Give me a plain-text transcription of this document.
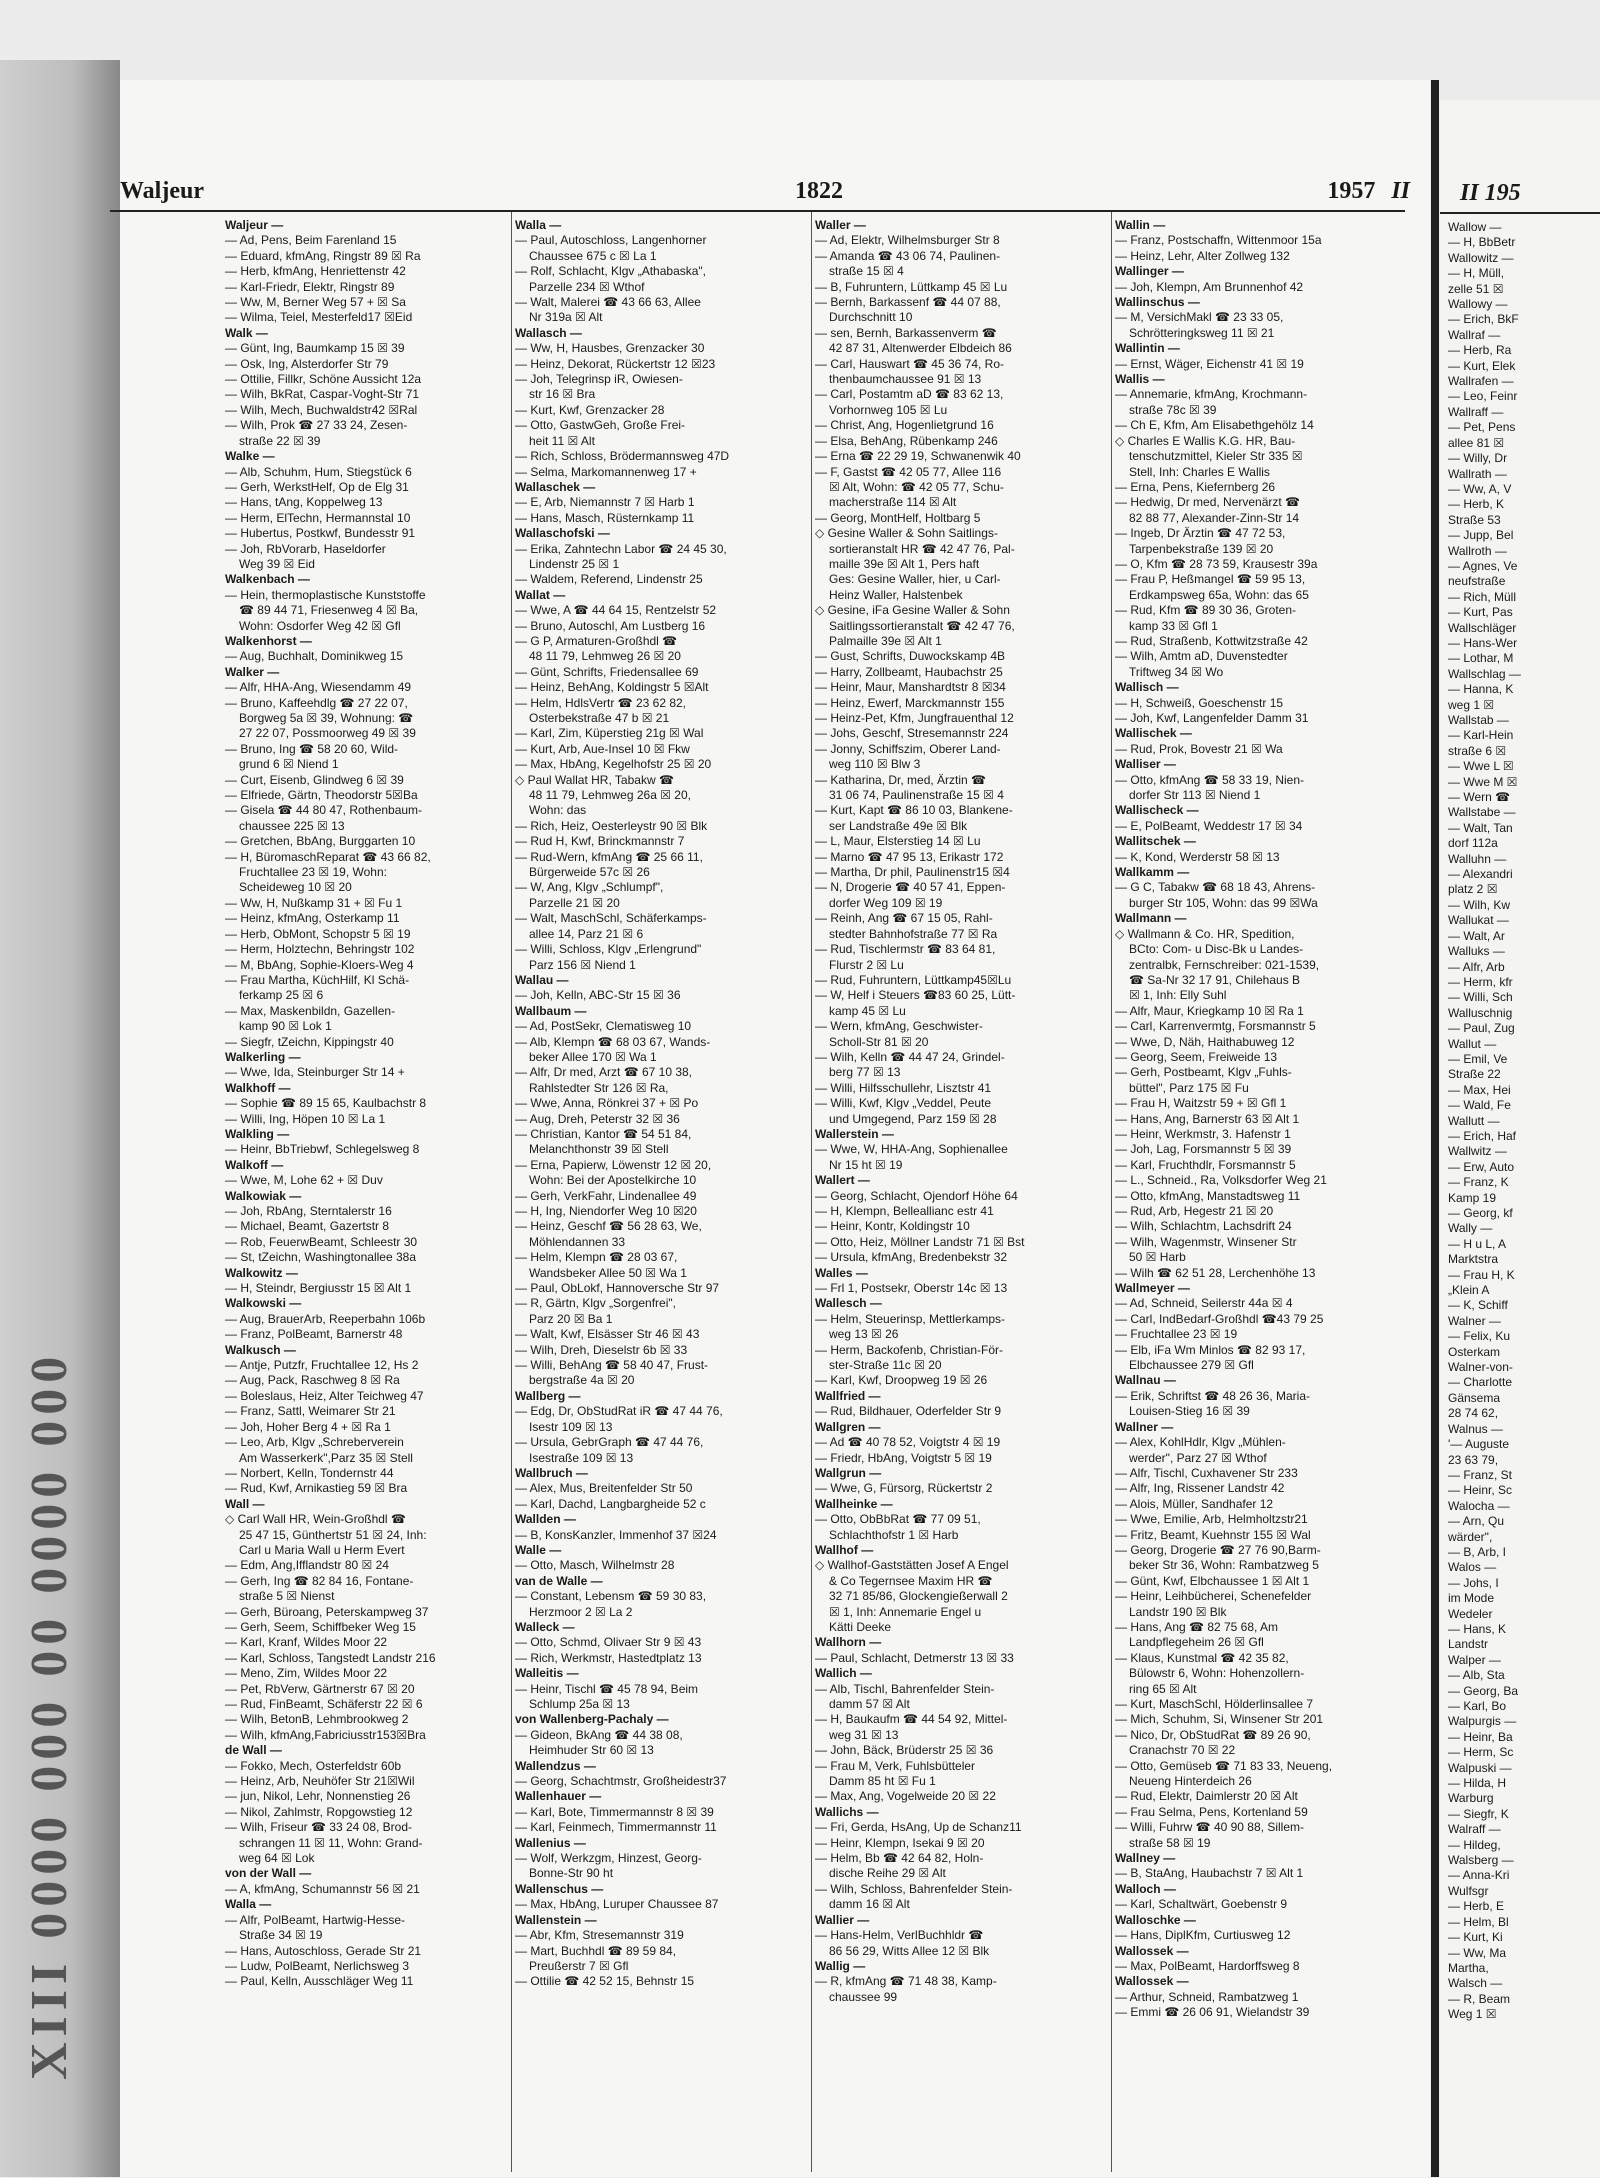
XIII 0000 000 00 0000 000
Waljeur	1822	1957 II
Waljeur —
— Ad, Pens, Beim Farenland 15
— Eduard, kfmAng, Ringstr 89 ☒ Ra
— Herb, kfmAng, Henriettenstr 42
— Karl-Friedr, Elektr, Ringstr 89
— Ww, M, Berner Weg 57 + ☒ Sa
— Wilma, Teiel, Mesterfeld17 ☒Eid
Walk —
— Günt, Ing, Baumkamp 15 ☒ 39
— Osk, Ing, Alsterdorfer Str 79
— Ottilie, Fillkr, Schöne Aussicht 12a
— Wilh, BkRat, Caspar-Voght-Str 71
— Wilh, Mech, Buchwaldstr42 ☒Ral
— Wilh, Prok ☎ 27 33 24, Zesen-
straße 22 ☒ 39
Walke —
— Alb, Schuhm, Hum, Stiegstück 6
— Gerh, WerkstHelf, Op de Elg 31
— Hans, tAng, Koppelweg 13
— Herm, ElTechn, Hermannstal 10
— Hubertus, Postkwf, Bundesstr 91
— Joh, RbVorarb, Haseldorfer
Weg 39 ☒ Eid
Walkenbach —
— Hein, thermoplastische Kunststoffe
☎ 89 44 71, Friesenweg 4 ☒ Ba,
Wohn: Osdorfer Weg 42 ☒ Gfl
Walkenhorst —
— Aug, Buchhalt, Dominikweg 15
Walker —
— Alfr, HHA-Ang, Wiesendamm 49
— Bruno, Kaffeehdlg ☎ 27 22 07,
Borgweg 5a ☒ 39, Wohnung: ☎
27 22 07, Possmoorweg 49 ☒ 39
— Bruno, Ing ☎ 58 20 60, Wild-
grund 6 ☒ Niend 1
— Curt, Eisenb, Glindweg 6 ☒ 39
— Elfriede, Gärtn, Theodorstr 5☒Ba
— Gisela ☎ 44 80 47, Rothenbaum-
chaussee 225 ☒ 13
— Gretchen, BbAng, Burggarten 10
— H, BüromaschReparat ☎ 43 66 82,
Fruchtallee 23 ☒ 19, Wohn:
Scheideweg 10 ☒ 20
— Ww, H, Nußkamp 31 + ☒ Fu 1
— Heinz, kfmAng, Osterkamp 11
— Herb, ObMont, Schopstr 5 ☒ 19
— Herm, Holztechn, Behringstr 102
— M, BbAng, Sophie-Kloers-Weg 4
— Frau Martha, KüchHilf, Kl Schä-
ferkamp 25 ☒ 6
— Max, Maskenbildn, Gazellen-
kamp 90 ☒ Lok 1
— Siegfr, tZeichn, Kippingstr 40
Walkerling —
— Wwe, Ida, Steinburger Str 14 +
Walkhoff —
— Sophie ☎ 89 15 65, Kaulbachstr 8
— Willi, Ing, Höpen 10 ☒ La 1
Walkling —
— Heinr, BbTriebwf, Schlegelsweg 8
Walkoff —
— Wwe, M, Lohe 62 + ☒ Duv
Walkowiak —
— Joh, RbAng, Sterntalerstr 16
— Michael, Beamt, Gazertstr 8
— Rob, FeuerwBeamt, Schleestr 30
— St, tZeichn, Washingtonallee 38a
Walkowitz —
— H, Steindr, Bergiusstr 15 ☒ Alt 1
Walkowski —
— Aug, BrauerArb, Reeperbahn 106b
— Franz, PolBeamt, Barnerstr 48
Walkusch —
— Antje, Putzfr, Fruchtallee 12, Hs 2
— Aug, Pack, Raschweg 8 ☒ Ra
— Boleslaus, Heiz, Alter Teichweg 47
— Franz, Sattl, Weimarer Str 21
— Joh, Hoher Berg 4 + ☒ Ra 1
— Leo, Arb, Klgv „Schreberverein
Am Wasserkerk",Parz 35 ☒ Stell
— Norbert, Kelln, Tondernstr 44
— Rud, Kwf, Arnikastieg 59 ☒ Bra
Wall —
◇ Carl Wall HR, Wein-Großhdl ☎
25 47 15, Günthertstr 51 ☒ 24, Inh:
Carl u Maria Wall u Herm Evert
— Edm, Ang,Ifflandstr 80 ☒ 24
— Gerh, Ing ☎ 82 84 16, Fontane-
straße 5 ☒ Nienst
— Gerh, Büroang, Peterskampweg 37
— Gerh, Seem, Schiffbeker Weg 15
— Karl, Kranf, Wildes Moor 22
— Karl, Schloss, Tangstedt Landstr 216
— Meno, Zim, Wildes Moor 22
— Pet, RbVerw, Gärtnerstr 67 ☒ 20
— Rud, FinBeamt, Schäferstr 22 ☒ 6
— Wilh, BetonB, Lehmbrookweg 2
— Wilh, kfmAng,Fabriciusstr153☒Bra
de Wall —
— Fokko, Mech, Osterfeldstr 60b
— Heinz, Arb, Neuhöfer Str 21☒Wil
— jun, Nikol, Lehr, Nonnenstieg 26
— Nikol, Zahlmstr, Ropgowstieg 12
— Wilh, Friseur ☎ 33 24 08, Brod-
schrangen 11 ☒ 11, Wohn: Grand-
weg 64 ☒ Lok
von der Wall —
— A, kfmAng, Schumannstr 56 ☒ 21
Walla —
— Alfr, PolBeamt, Hartwig-Hesse-
Straße 34 ☒ 19
— Hans, Autoschloss, Gerade Str 21
— Ludw, PolBeamt, Nerlichsweg 3
— Paul, Kelln, Ausschläger Weg 11
Walla —
— Paul, Autoschloss, Langenhorner
Chaussee 675 c ☒ La 1
— Rolf, Schlacht, Klgv „Athabaska",
Parzelle 234 ☒ Wthof
— Walt, Malerei ☎ 43 66 63, Allee
Nr 319a ☒ Alt
Wallasch —
— Ww, H, Hausbes, Grenzacker 30
— Heinz, Dekorat, Rückertstr 12 ☒23
— Joh, Telegrinsp iR, Owiesen-
str 16 ☒ Bra
— Kurt, Kwf, Grenzacker 28
— Otto, GastwGeh, Große Frei-
heit 11 ☒ Alt
— Rich, Schloss, Brödermannsweg 47D
— Selma, Markomannenweg 17 +
Wallaschek —
— E, Arb, Niemannstr 7 ☒ Harb 1
— Hans, Masch, Rüsternkamp 11
Wallaschofski —
— Erika, Zahntechn Labor ☎ 24 45 30,
Lindenstr 25 ☒ 1
— Waldem, Referend, Lindenstr 25
Wallat —
— Wwe, A ☎ 44 64 15, Rentzelstr 52
— Bruno, Autoschl, Am Lustberg 16
— G P, Armaturen-Großhdl ☎
48 11 79, Lehmweg 26 ☒ 20
— Günt, Schrifts, Friedensallee 69
— Heinz, BehAng, Koldingstr 5 ☒Alt
— Helm, HdlsVertr ☎ 23 62 82,
Osterbekstraße 47 b ☒ 21
— Karl, Zim, Küperstieg 21g ☒ Wal
— Kurt, Arb, Aue-Insel 10 ☒ Fkw
— Max, HbAng, Kegelhofstr 25 ☒ 20
◇ Paul Wallat HR, Tabakw ☎
48 11 79, Lehmweg 26a ☒ 20,
Wohn: das
— Rich, Heiz, Oesterleystr 90 ☒ Blk
— Rud H, Kwf, Brinckmannstr 7
— Rud-Wern, kfmAng ☎ 25 66 11,
Bürgerweide 57c ☒ 26
— W, Ang, Klgv „Schlumpf",
Parzelle 21 ☒ 20
— Walt, MaschSchl, Schäferkamps-
allee 14, Parz 21 ☒ 6
— Willi, Schloss, Klgv „Erlengrund"
Parz 156 ☒ Niend 1
Wallau —
— Joh, Kelln, ABC-Str 15 ☒ 36
Wallbaum —
— Ad, PostSekr, Clematisweg 10
— Alb, Klempn ☎ 68 03 67, Wands-
beker Allee 170 ☒ Wa 1
— Alfr, Dr med, Arzt ☎ 67 10 38,
Rahlstedter Str 126 ☒ Ra,
— Wwe, Anna, Rönkrei 37 + ☒ Po
— Aug, Dreh, Peterstr 32 ☒ 36
— Christian, Kantor ☎ 54 51 84,
Melanchthonstr 39 ☒ Stell
— Erna, Papierw, Löwenstr 12 ☒ 20,
Wohn: Bei der Apostelkirche 10
— Gerh, VerkFahr, Lindenallee 49
— H, Ing, Niendorfer Weg 10 ☒20
— Heinz, Geschf ☎ 56 28 63, We,
Möhlendannen 33
— Helm, Klempn ☎ 28 03 67,
Wandsbeker Allee 50 ☒ Wa 1
— Paul, ObLokf, Hannoversche Str 97
— R, Gärtn, Klgv „Sorgenfrei",
Parz 20 ☒ Ba 1
— Walt, Kwf, Elsässer Str 46 ☒ 43
— Wilh, Dreh, Dieselstr 6b ☒ 33
— Willi, BehAng ☎ 58 40 47, Frust-
bergstraße 4a ☒ 20
Wallberg —
— Edg, Dr, ObStudRat iR ☎ 47 44 76,
Isestr 109 ☒ 13
— Ursula, GebrGraph ☎ 47 44 76,
Isestraße 109 ☒ 13
Wallbruch —
— Alex, Mus, Breitenfelder Str 50
— Karl, Dachd, Langbargheide 52 c
Wallden —
— B, KonsKanzler, Immenhof 37 ☒24
Walle —
— Otto, Masch, Wilhelmstr 28
van de Walle —
— Constant, Lebensm ☎ 59 30 83,
Herzmoor 2 ☒ La 2
Walleck —
— Otto, Schmd, Olivaer Str 9 ☒ 43
— Rich, Werkmstr, Hastedtplatz 13
Walleitis —
— Heinr, Tischl ☎ 45 78 94, Beim
Schlump 25a ☒ 13
von Wallenberg-Pachaly —
— Gideon, BkAng ☎ 44 38 08,
Heimhuder Str 60 ☒ 13
Wallendzus —
— Georg, Schachtmstr, Großheidestr37
Wallenhauer —
— Karl, Bote, Timmermannstr 8 ☒ 39
— Karl, Feinmech, Timmermannstr 11
Wallenius —
— Wolf, Werkzgm, Hinzest, Georg-
Bonne-Str 90 ht
Wallenschus —
— Max, HbAng, Luruper Chaussee 87
Wallenstein —
— Abr, Kfm, Stresemannstr 319
— Mart, Buchhdl ☎ 89 59 84,
Preußerstr 7 ☒ Gfl
— Ottilie ☎ 42 52 15, Behnstr 15
Waller —
— Ad, Elektr, Wilhelmsburger Str 8
— Amanda ☎ 43 06 74, Paulinen-
straße 15 ☒ 4
— B, Fuhruntern, Lüttkamp 45 ☒ Lu
— Bernh, Barkassenf ☎ 44 07 88,
Durchschnitt 10
— sen, Bernh, Barkassenverm ☎
42 87 31, Altenwerder Elbdeich 86
— Carl, Hauswart ☎ 45 36 74, Ro-
thenbaumchaussee 91 ☒ 13
— Carl, Postamtm aD ☎ 83 62 13,
Vorhornweg 105 ☒ Lu
— Christ, Ang, Hogenlietgrund 16
— Elsa, BehAng, Rübenkamp 246
— Erna ☎ 22 29 19, Schwanenwik 40
— F, Gastst ☎ 42 05 77, Allee 116
☒ Alt, Wohn: ☎ 42 05 77, Schu-
macherstraße 114 ☒ Alt
— Georg, MontHelf, Holtbarg 5
◇ Gesine Waller & Sohn Saitlings-
sortieranstalt HR ☎ 42 47 76, Pal-
maille 39e ☒ Alt 1, Pers haft
Ges: Gesine Waller, hier, u Carl-
Heinz Waller, Halstenbek
◇ Gesine, iFa Gesine Waller & Sohn
Saitlingssortieranstalt ☎ 42 47 76,
Palmaille 39e ☒ Alt 1
— Gust, Schrifts, Duwockskamp 4B
— Harry, Zollbeamt, Haubachstr 25
— Heinr, Maur, Manshardtstr 8 ☒34
— Heinz, Ewerf, Marckmannstr 155
— Heinz-Pet, Kfm, Jungfrauenthal 12
— Johs, Geschf, Stresemannstr 224
— Jonny, Schiffszim, Oberer Land-
weg 110 ☒ Blw 3
— Katharina, Dr, med, Ärztin ☎
31 06 74, Paulinenstraße 15 ☒ 4
— Kurt, Kapt ☎ 86 10 03, Blankene-
ser Landstraße 49e ☒ Blk
— L, Maur, Elsterstieg 14 ☒ Lu
— Marno ☎ 47 95 13, Erikastr 172
— Martha, Dr phil, Paulinenstr15 ☒4
— N, Drogerie ☎ 40 57 41, Eppen-
dorfer Weg 109 ☒ 19
— Reinh, Ang ☎ 67 15 05, Rahl-
stedter Bahnhofstraße 77 ☒ Ra
— Rud, Tischlermstr ☎ 83 64 81,
Flurstr 2 ☒ Lu
— Rud, Fuhruntern, Lüttkamp45☒Lu
— W, Helf i Steuers ☎83 60 25, Lütt-
kamp 45 ☒ Lu
— Wern, kfmAng, Geschwister-
Scholl-Str 81 ☒ 20
— Wilh, Kelln ☎ 44 47 24, Grindel-
berg 77 ☒ 13
— Willi, Hilfsschullehr, Lisztstr 41
— Willi, Kwf, Klgv „Veddel, Peute
und Umgegend, Parz 159 ☒ 28
Wallerstein —
— Wwe, W, HHA-Ang, Sophienallee
Nr 15 ht ☒ 19
Wallert —
— Georg, Schlacht, Ojendorf Höhe 64
— H, Klempn, Belleallianc estr 41
— Heinr, Kontr, Koldingstr 10
— Otto, Heiz, Möllner Landstr 71 ☒ Bst
— Ursula, kfmAng, Bredenbekstr 32
Walles —
— Frl 1, Postsekr, Oberstr 14c ☒ 13
Wallesch —
— Helm, Steuerinsp, Mettlerkamps-
weg 13 ☒ 26
— Herm, Backofenb, Christian-För-
ster-Straße 11c ☒ 20
— Karl, Kwf, Droopweg 19 ☒ 26
Wallfried —
— Rud, Bildhauer, Oderfelder Str 9
Wallgren —
— Ad ☎ 40 78 52, Voigtstr 4 ☒ 19
— Friedr, HbAng, Voigtstr 5 ☒ 19
Wallgrun —
— Wwe, G, Fürsorg, Rückertstr 2
Wallheinke —
— Otto, ObBbRat ☎ 77 09 51,
Schlachthofstr 1 ☒ Harb
Wallhof —
◇ Wallhof-Gaststätten Josef A Engel
& Co Tegernsee Maxim HR ☎
32 71 85/86, Glockengießerwall 2
☒ 1, Inh: Annemarie Engel u
Kätti Deeke
Wallhorn —
— Paul, Schlacht, Detmerstr 13 ☒ 33
Wallich —
— Alb, Tischl, Bahrenfelder Stein-
damm 57 ☒ Alt
— H, Baukaufm ☎ 44 54 92, Mittel-
weg 31 ☒ 13
— John, Bäck, Brüderstr 25 ☒ 36
— Frau M, Verk, Fuhlsbütteler
Damm 85 ht ☒ Fu 1
— Max, Ang, Vogelweide 20 ☒ 22
Wallichs —
— Fri, Gerda, HsAng, Up de Schanz11
— Heinr, Klempn, Isekai 9 ☒ 20
— Helm, Bb ☎ 42 64 82, Holn-
dische Reihe 29 ☒ Alt
— Wilh, Schloss, Bahrenfelder Stein-
damm 16 ☒ Alt
Wallier —
— Hans-Helm, VerlBuchhldr ☎
86 56 29, Witts Allee 12 ☒ Blk
Wallig —
— R, kfmAng ☎ 71 48 38, Kamp-
chaussee 99
Wallin —
— Franz, Postschaffn, Wittenmoor 15a
— Heinz, Lehr, Alter Zollweg 132
Wallinger —
— Joh, Klempn, Am Brunnenhof 42
Wallinschus —
— M, VersichMakl ☎ 23 33 05,
Schrötteringksweg 11 ☒ 21
Wallintin —
— Ernst, Wäger, Eichenstr 41 ☒ 19
Wallis —
— Annemarie, kfmAng, Krochmann-
straße 78c ☒ 39
— Ch E, Kfm, Am Elisabethgehölz 14
◇ Charles E Wallis K.G. HR, Bau-
tenschutzmittel, Kieler Str 335 ☒
Stell, Inh: Charles E Wallis
— Erna, Pens, Kiefernberg 26
— Hedwig, Dr med, Nervenärzt ☎
82 88 77, Alexander-Zinn-Str 14
— Ingeb, Dr Ärztin ☎ 47 72 53,
Tarpenbekstraße 139 ☒ 20
— O, Kfm ☎ 28 73 59, Krausestr 39a
— Frau P, Heßmangel ☎ 59 95 13,
Erdkampsweg 65a, Wohn: das 65
— Rud, Kfm ☎ 89 30 36, Groten-
kamp 33 ☒ Gfl 1
— Rud, Straßenb, Kottwitzstraße 42
— Wilh, Amtm aD, Duvenstedter
Triftweg 34 ☒ Wo
Wallisch —
— H, Schweiß, Goeschenstr 15
— Joh, Kwf, Langenfelder Damm 31
Wallischek —
— Rud, Prok, Bovestr 21 ☒ Wa
Walliser —
— Otto, kfmAng ☎ 58 33 19, Nien-
dorfer Str 113 ☒ Niend 1
Wallischeck —
— E, PolBeamt, Weddestr 17 ☒ 34
Wallitschek —
— K, Kond, Werderstr 58 ☒ 13
Wallkamm —
— G C, Tabakw ☎ 68 18 43, Ahrens-
burger Str 105, Wohn: das 99 ☒Wa
Wallmann —
◇ Wallmann & Co. HR, Spedition,
BCto: Com- u Disc-Bk u Landes-
zentralbk, Fernschreiber: 021-1539,
☎ Sa-Nr 32 17 91, Chilehaus B
☒ 1, Inh: Elly Suhl
— Alfr, Maur, Kriegkamp 10 ☒ Ra 1
— Carl, Karrenvermtg, Forsmannstr 5
— Wwe, D, Näh, Haithabuweg 12
— Georg, Seem, Freiweide 13
— Gerh, Postbeamt, Klgv „Fuhls-
büttel", Parz 175 ☒ Fu
— Frau H, Waitzstr 59 + ☒ Gfl 1
— Hans, Ang, Barnerstr 63 ☒ Alt 1
— Heinr, Werkmstr, 3. Hafenstr 1
— Joh, Lag, Forsmannstr 5 ☒ 39
— Karl, Fruchthdlr, Forsmannstr 5
— L., Schneid., Ra, Volksdorfer Weg 21
— Otto, kfmAng, Manstadtsweg 11
— Rud, Arb, Hegestr 21 ☒ 20
— Wilh, Schlachtm, Lachsdrift 24
— Wilh, Wagenmstr, Winsener Str
50 ☒ Harb
— Wilh ☎ 62 51 28, Lerchenhöhe 13
Wallmeyer —
— Ad, Schneid, Seilerstr 44a ☒ 4
— Carl, IndBedarf-Großhdl ☎43 79 25
— Fruchtallee 23 ☒ 19
— Elb, iFa Wm Minlos ☎ 82 93 17,
Elbchaussee 279 ☒ Gfl
Wallnau —
— Erik, Schriftst ☎ 48 26 36, Maria-
Louisen-Stieg 16 ☒ 39
Wallner —
— Alex, KohlHdlr, Klgv „Mühlen-
werder", Parz 27 ☒ Wthof
— Alfr, Tischl, Cuxhavener Str 233
— Alfr, Ing, Rissener Landstr 42
— Alois, Müller, Sandhafer 12
— Wwe, Emilie, Arb, Helmholtzstr21
— Fritz, Beamt, Kuehnstr 155 ☒ Wal
— Georg, Drogerie ☎ 27 76 90,Barm-
beker Str 36, Wohn: Rambatzweg 5
— Günt, Kwf, Elbchaussee 1 ☒ Alt 1
— Heinr, Leihbücherei, Schenefelder
Landstr 190 ☒ Blk
— Hans, Ang ☎ 82 75 68, Am
Landpflegeheim 26 ☒ Gfl
— Klaus, Kunstmal ☎ 42 35 82,
Bülowstr 6, Wohn: Hohenzollern-
ring 65 ☒ Alt
— Kurt, MaschSchl, Hölderlinsallee 7
— Mich, Schuhm, Si, Winsener Str 201
— Nico, Dr, ObStudRat ☎ 89 26 90,
Cranachstr 70 ☒ 22
— Otto, Gemüseb ☎ 71 83 33, Neueng,
Neueng Hinterdeich 26
— Rud, Elektr, Daimlerstr 20 ☒ Alt
— Frau Selma, Pens, Kortenland 59
— Willi, Fuhrw ☎ 40 90 88, Sillem-
straße 58 ☒ 19
Wallney —
— B, StaAng, Haubachstr 7 ☒ Alt 1
Walloch —
— Karl, Schaltwärt, Goebenstr 9
Walloschke —
— Hans, DiplKfm, Curtiusweg 12
Wallossek —
— Max, PolBeamt, Hardorffsweg 8
Wallossek —
— Arthur, Schneid, Rambatzweg 1
— Emmi ☎ 26 06 91, Wielandstr 39
II 195
Wallow —
— H, BbBetr
Wallowitz —
— H, Müll,
zelle 51 ☒
Wallowy —
— Erich, BkF
Wallraf —
— Herb, Ra
— Kurt, Elek
Wallrafen —
— Leo, Feinr
Wallraff —
— Pet, Pens
allee 81 ☒
— Willy, Dr
Wallrath —
— Ww, A, V
— Herb, K
Straße 53
— Jupp, Bel
Wallroth —
— Agnes, Ve
neufstraße
— Rich, Müll
— Kurt, Pas
Wallschläger
— Hans-Wer
— Lothar, M
Wallschlag —
— Hanna, K
weg 1 ☒
Wallstab —
— Karl-Hein
straße 6 ☒
— Wwe L ☒
— Wwe M ☒
— Wern ☎
Wallstabe —
— Walt, Tan
dorf 112a
Walluhn —
— Alexandri
platz 2 ☒
— Wilh, Kw
Wallukat —
— Walt, Ar
Walluks —
— Alfr, Arb
— Herm, kfr
— Willi, Sch
Walluschnig
— Paul, Zug
Wallut —
— Emil, Ve
Straße 22
— Max, Hei
— Wald, Fe
Wallutt —
— Erich, Haf
Wallwitz —
— Erw, Auto
— Franz, K
Kamp 19
— Georg, kf
Wally —
— H u L, A
Marktstra
— Frau H, K
„Klein A
— K, Schiff
Walner —
— Felix, Ku
Osterkam
Walner-von-
— Charlotte
Gänsema
28 74 62,
Walnus —
'— Auguste
23 63 79,
— Franz, St
— Heinr, Sc
Walocha —
— Arn, Qu
wärder",
— B, Arb, I
Walos —
— Johs, I
im Mode
Wedeler
— Hans, K
Landstr
Walper —
— Alb, Sta
— Georg, Ba
— Karl, Bo
Walpurgis —
— Heinr, Ba
— Herm, Sc
Walpuski —
— Hilda, H
Warburg
— Siegfr, K
Walraff —
— Hildeg,
Walsberg —
— Anna-Kri
Wulfsgr
— Herb, E
— Helm, Bl
— Kurt, Ki
— Ww, Ma
Martha,
Walsch —
— R, Beam
Weg 1 ☒
